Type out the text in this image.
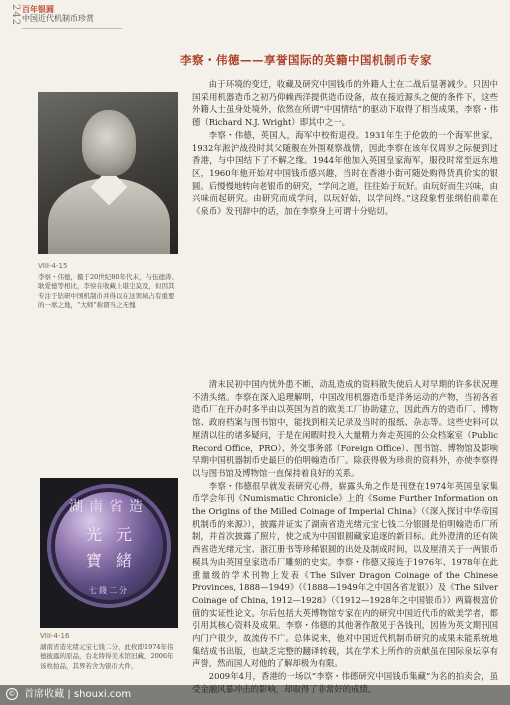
242 百年银圆
中国近代机制币珍赏
李察・伟德——享誉国际的英籍中国机制币专家
VIII-4-15
李察・伟德，摄于20世纪80年代末，与伍德涛、耿爱德等相比，李察在收藏上堪尘莫及，但因其专注于钻研中国机制币并得以在这领域占有重要的一席之地，“大师”称谓当之无愧

由于环境的变迁，收藏及研究中国钱币的外籍人士在二战后显著减少。只因中国采用机器造币之初乃仰赖西洋提供造币设备，故在接近源头之便的条件下，这些外籍人士虽身处境外，依然在所谓“中国情结”的驱动下取得了相当成果，李察・伟德（Richard N.J. Wright）即其中之一。

李察・伟德，英国人，海军中校衔退役。1931年生于伦敦的一个海军世家，1932年淞沪战役时其父随舰在外围观察战情，因此李察在该年仅周岁之际便到过香港，与中国结下了不解之缘。1944年他加入英国皇家海军，服役时常至远东地区，1960年他开始对中国钱币感兴趣，当时在香港小街可随处购得货真价实的银圆。后慢慢地转向老银币的研究，“学问之道，往往始于玩好。由玩好而生兴味，由兴味而起研究。由研究而成学问，以玩好始，以学问终。”这段象哲张纲伯前辈在《泉币》发刊辞中的话，加在李察身上可谓十分贴切。

清末民初中国内忧外患不断，动乱造成的资料散失使后人对早期的许多状况理不清头绪。李察在深入追理解明，中国改用机器造币是洋务运动的产物，当初各省造币厂在开办时多半由以英国为首的欧美工厂协助建立，因此西方的造币厂、博物馆、政府档案与图书馆中，能找到相关记录及当时的报纸、杂志等。这些史料可以厘清以往的诸多疑问，于是在闲暇时投入大量精力奔走英国的公众档案室（Public Record Office，PRO）、外交事务部（Foreign Office）、图书馆、博物馆及影响早期中国机器制币史最巨的伯明翰造币厂。除获得极为珍贵的资料外，亦使李察得以与图书馆及博物馆一直保持着良好的关系。

李察・伟德很早就发表研究心得，崭露头角之作是刊登在1974年英国皇家集币学会年刊《Numismatic Chronicle》上的《Some Further Information on the Origins of the Milled Coinage of Imperial China》（《深入探讨中华帝国机制币的来源》），披露并证实了湖南省造光绪元宝七钱二分银圆是伯明翰造币厂所制，并首次披露了照片，使之成为中国银圆藏家追逐的新目标。此外澄清的还有陕西省造光绪元宝、浙江册书等珍稀银圆的出处及制成时间，以及厘清关于一两银币模具为由英国皇家造币厂雕刻的史实。李察・伟德又接连于1976年、1978年在此重量级的学术刊物上发表《The Silver Dragon Coinage of the Chinese Provinces, 1888—1949》（《1888—1949年之中国各省龙银》）及《The Silver Coinage of China, 1912—1928》（《1912—1928年之中国银币》）两篇极富价值的实证性论文。尔后包括大英博物馆专家在内的研究中国近代币的欧美学者，都引用其核心资料及成果。李察・伟德的其他著作散见于各钱刊，因皆为英文期刊国内门户很少，故流传不广。总体说来，他对中国近代机制币研究的成果未能系统地集结成书出版，也缺乏完整的翻译转载，其在学术上所作的贡献虽在国际泉坛享有声誉，然而国人对他的了解却极为有限。

2009年4月，香港的一场以“李察・伟德研究中国钱币集藏”为名的拍卖会，虽

湖南省造
光 元
寶 緒
七錢二分
VIII-4-16
湖南省造光绪元宝七钱二分，此枚即1974年伟德披露的原品，台北铸得美术馆旧藏，2006年该枚拍品，其界若舍为银币大件，
© 首席收藏 | shouxi.com
